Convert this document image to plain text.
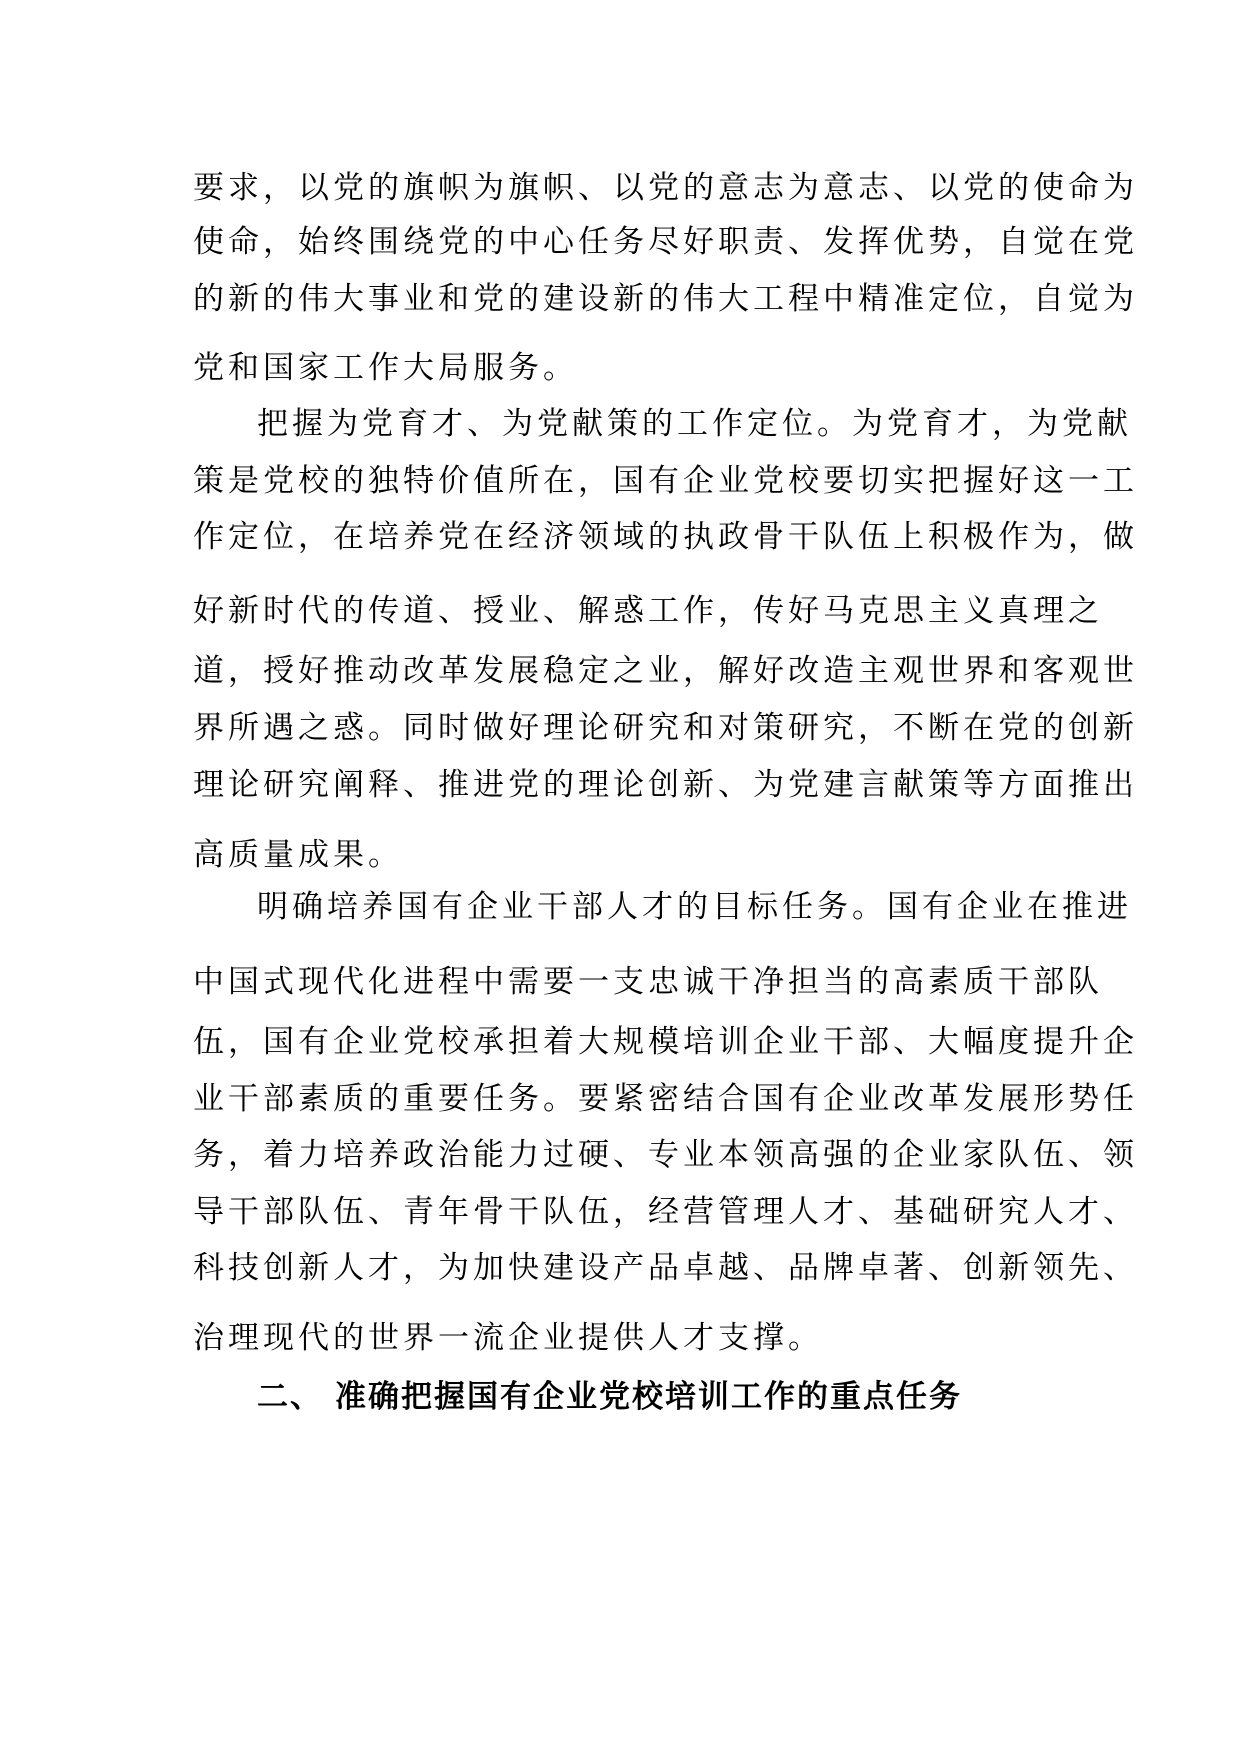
要求，以党的旗帜为旗帜、以党的意志为意志、以党的使命为

使命，始终围绕党的中心任务尽好职责、发挥优势，自觉在党

的新的伟大事业和党的建设新的伟大工程中精准定位，自觉为

党和国家工作大局服务。

把握为党育才、为党献策的工作定位。为党育才，为党献

策是党校的独特价值所在，国有企业党校要切实把握好这一工

作定位，在培养党在经济领域的执政骨干队伍上积极作为，做

好新时代的传道、授业、解惑工作，传好马克思主义真理之

道，授好推动改革发展稳定之业，解好改造主观世界和客观世

界所遇之惑。同时做好理论研究和对策研究，不断在党的创新

理论研究阐释、推进党的理论创新、为党建言献策等方面推出

高质量成果。

明确培养国有企业干部人才的目标任务。国有企业在推进

中国式现代化进程中需要一支忠诚干净担当的高素质干部队

伍，国有企业党校承担着大规模培训企业干部、大幅度提升企

业干部素质的重要任务。要紧密结合国有企业改革发展形势任

务，着力培养政治能力过硬、专业本领高强的企业家队伍、领

导干部队伍、青年骨干队伍，经营管理人才、基础研究人才、

科技创新人才，为加快建设产品卓越、品牌卓著、创新领先、

治理现代的世界一流企业提供人才支撑。

二、 准确把握国有企业党校培训工作的重点任务
